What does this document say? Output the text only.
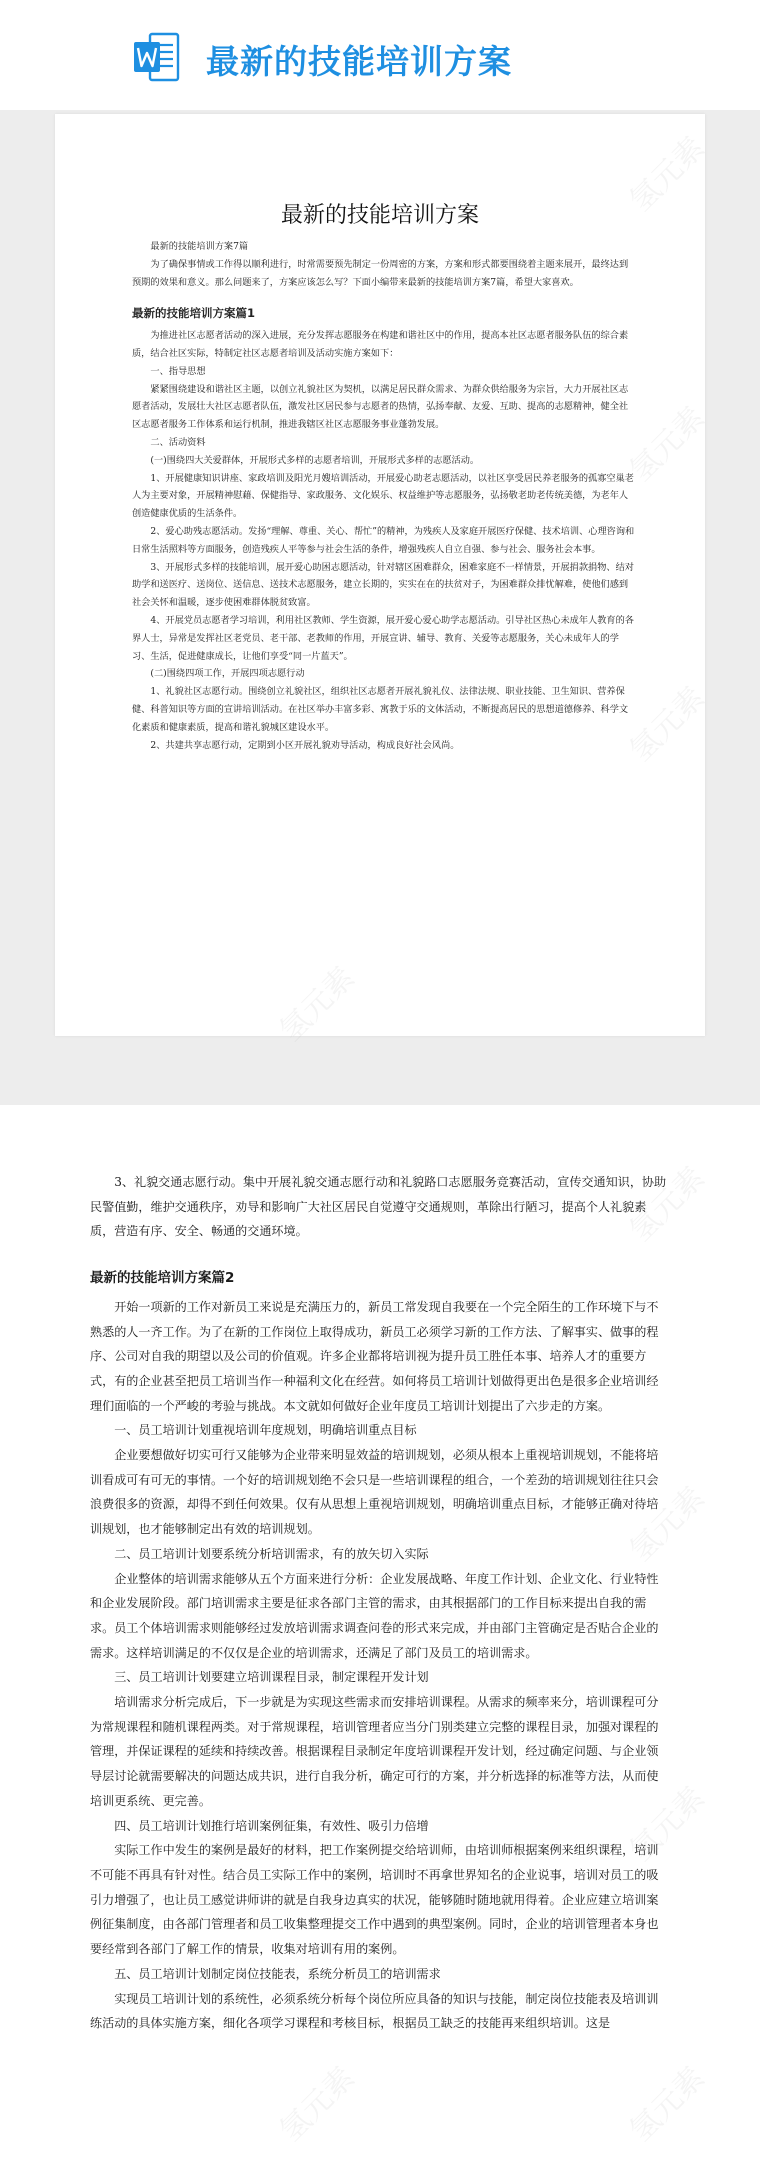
最新的技能培训方案
最新的技能培训方案

最新的技能培训方案7篇

为了确保事情或工作得以顺利进行，时常需要预先制定一份周密的方案，方案和形式都要围绕着主题来展开，最终达到预期的效果和意义。那么问题来了，方案应该怎么写？下面小编带来最新的技能培训方案7篇，希望大家喜欢。

最新的技能培训方案篇1

为推进社区志愿者活动的深入进展，充分发挥志愿服务在构建和谐社区中的作用，提高本社区志愿者服务队伍的综合素质，结合社区实际，特制定社区志愿者培训及活动实施方案如下：

一、指导思想

紧紧围绕建设和谐社区主题，以创立礼貌社区为契机，以满足居民群众需求、为群众供给服务为宗旨，大力开展社区志愿者活动，发展壮大社区志愿者队伍，激发社区居民参与志愿者的热情，弘扬奉献、友爱、互助、提高的志愿精神，健全社区志愿者服务工作体系和运行机制，推进我辖区社区志愿服务事业蓬勃发展。

二、活动资料

(一)围绕四大关爱群体，开展形式多样的志愿者培训，开展形式多样的志愿活动。

1、开展健康知识讲座、家政培训及阳光月嫂培训活动，开展爱心助老志愿活动，以社区享受居民养老服务的孤寡空巢老人为主要对象，开展精神慰藉、保健指导、家政服务、文化娱乐、权益维护等志愿服务，弘扬敬老助老传统美德，为老年人创造健康优质的生活条件。

2、爱心助残志愿活动。发扬“理解、尊重、关心、帮忙”的精神，为残疾人及家庭开展医疗保健、技术培训、心理咨询和日常生活照料等方面服务，创造残疾人平等参与社会生活的条件，增强残疾人自立自强、参与社会、服务社会本事。

3、开展形式多样的技能培训，展开爱心助困志愿活动，针对辖区困难群众，困难家庭不一样情景，开展捐款捐物、结对助学和送医疗、送岗位、送信息、送技术志愿服务，建立长期的，实实在在的扶贫对子，为困难群众排忧解难，使他们感到社会关怀和温暖，逐步使困难群体脱贫致富。

4、开展党员志愿者学习培训，利用社区教师、学生资源，展开爱心爱心助学志愿活动。引导社区热心未成年人教育的各界人士，异常是发挥社区老党员、老干部、老教师的作用，开展宣讲、辅导、教育、关爱等志愿服务，关心未成年人的学习、生活，促进健康成长，让他们享受“同一片蓝天”。

(二)围绕四项工作，开展四项志愿行动

1、礼貌社区志愿行动。围绕创立礼貌社区，组织社区志愿者开展礼貌礼仪、法律法规、职业技能、卫生知识、营养保健、科普知识等方面的宣讲培训活动。在社区举办丰富多彩、寓教于乐的文体活动，不断提高居民的思想道德修养、科学文化素质和健康素质，提高和谐礼貌城区建设水平。

2、共建共享志愿行动，定期到小区开展礼貌劝导活动，构成良好社会风尚。

3、礼貌交通志愿行动。集中开展礼貌交通志愿行动和礼貌路口志愿服务竞赛活动，宣传交通知识，协助民警值勤，维护交通秩序，劝导和影响广大社区居民自觉遵守交通规则，革除出行陋习，提高个人礼貌素质，营造有序、安全、畅通的交通环境。

最新的技能培训方案篇2

开始一项新的工作对新员工来说是充满压力的，新员工常发现自我要在一个完全陌生的工作环境下与不熟悉的人一齐工作。为了在新的工作岗位上取得成功，新员工必须学习新的工作方法、了解事实、做事的程序、公司对自我的期望以及公司的价值观。许多企业都将培训视为提升员工胜任本事、培养人才的重要方式，有的企业甚至把员工培训当作一种福利文化在经营。如何将员工培训计划做得更出色是很多企业培训经理们面临的一个严峻的考验与挑战。本文就如何做好企业年度员工培训计划提出了六步走的方案。

一、员工培训计划重视培训年度规划，明确培训重点目标

企业要想做好切实可行又能够为企业带来明显效益的培训规划，必须从根本上重视培训规划，不能将培训看成可有可无的事情。一个好的培训规划绝不会只是一些培训课程的组合，一个差劲的培训规划往往只会浪费很多的资源，却得不到任何效果。仅有从思想上重视培训规划，明确培训重点目标，才能够正确对待培训规划，也才能够制定出有效的培训规划。

二、员工培训计划要系统分析培训需求，有的放矢切入实际

企业整体的培训需求能够从五个方面来进行分析：企业发展战略、年度工作计划、企业文化、行业特性和企业发展阶段。部门培训需求主要是征求各部门主管的需求，由其根据部门的工作目标来提出自我的需求。员工个体培训需求则能够经过发放培训需求调查问卷的形式来完成，并由部门主管确定是否贴合企业的需求。这样培训满足的不仅仅是企业的培训需求，还满足了部门及员工的培训需求。

三、员工培训计划要建立培训课程目录，制定课程开发计划

培训需求分析完成后，下一步就是为实现这些需求而安排培训课程。从需求的频率来分，培训课程可分为常规课程和随机课程两类。对于常规课程，培训管理者应当分门别类建立完整的课程目录，加强对课程的管理，并保证课程的延续和持续改善。根据课程目录制定年度培训课程开发计划，经过确定问题、与企业领导层讨论就需要解决的问题达成共识，进行自我分析，确定可行的方案，并分析选择的标准等方法，从而使培训更系统、更完善。

四、员工培训计划推行培训案例征集，有效性、吸引力倍增

实际工作中发生的案例是最好的材料，把工作案例提交给培训师，由培训师根据案例来组织课程，培训不可能不再具有针对性。结合员工实际工作中的案例，培训时不再拿世界知名的企业说事，培训对员工的吸引力增强了，也让员工感觉讲师讲的就是自我身边真实的状况，能够随时随地就用得着。企业应建立培训案例征集制度，由各部门管理者和员工收集整理提交工作中遇到的典型案例。同时，企业的培训管理者本身也要经常到各部门了解工作的情景，收集对培训有用的案例。

五、员工培训计划制定岗位技能表，系统分析员工的培训需求

实现员工培训计划的系统性，必须系统分析每个岗位所应具备的知识与技能，制定岗位技能表及培训训练活动的具体实施方案，细化各项学习课程和考核目标，根据员工缺乏的技能再来组织培训。这是

氢元素
氢元素
氢元素
氢元素	氢元素
